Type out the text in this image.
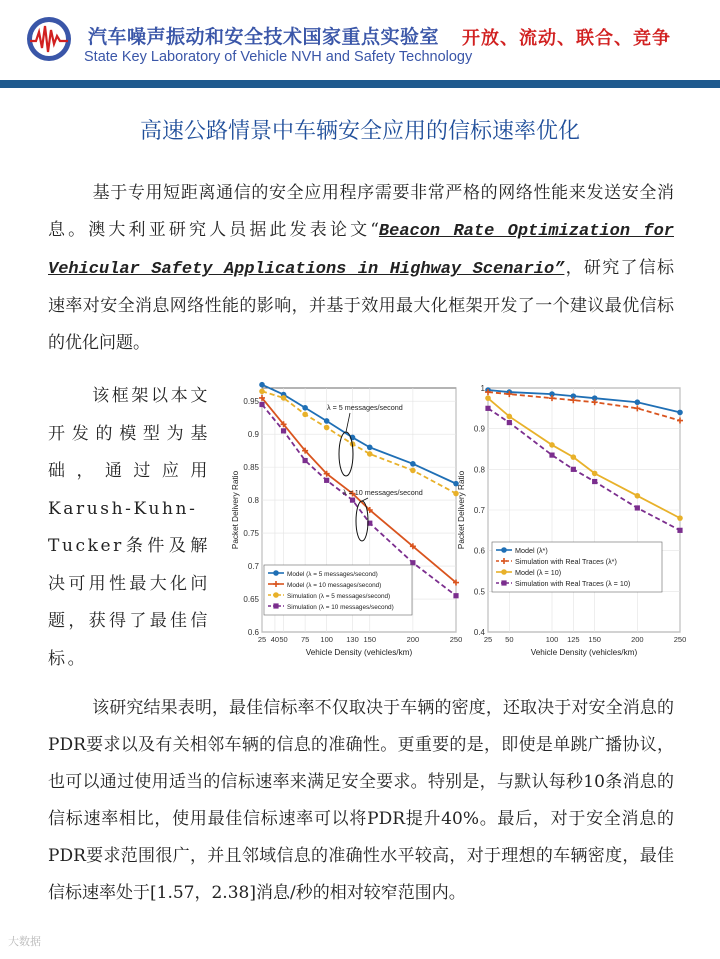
汽车噪声振动和安全技术国家重点实验室
State Key Laboratory of Vehicle NVH and Safety Technology
开放、流动、联合、竞争
高速公路情景中车辆安全应用的信标速率优化
基于专用短距离通信的安全应用程序需要非常严格的网络性能来发送安全消息。澳大利亚研究人员据此发表论文“Beacon Rate Optimization for Vehicular Safety Applications in Highway Scenario”，研究了信标速率对安全消息网络性能的影响，并基于效用最大化框架开发了一个建议最优信标的优化问题。
该框架以本文开发的模型为基础，通过应用Karush-Kuhn-Tucker条件及解决可用性最大化问题，获得了最佳信标。
0.6
0.65
0.7
0.75
0.8
0.85
0.9
0.95
25 40 50 75 100 130 150	200	250
Vehicle Density (vehicles/km)
Packet Delivery Ratio
Model (λ = 5 messages/second)
Model (λ = 10 messages/second)
Simulation (λ = 5 messages/second)
Simulation (λ = 10 messages/second)
λ = 5 messages/second
λ = 10 messages/second
0.4
0.5
0.6
0.7
0.8
0.9
1
25 50	100 125 150	200	250
Vehicle Density (vehicles/km)
Packet Delivery Ratio
Model (λ*)
Simulation with Real Traces (λ*)
Model (λ = 10)
Simulation with Real Traces (λ = 10)
该研究结果表明，最佳信标率不仅取决于车辆的密度，还取决于对安全消息的PDR要求以及有关相邻车辆的信息的准确性。更重要的是，即使是单跳广播协议，也可以通过使用适当的信标速率来满足安全要求。特别是，与默认每秒10条消息的信标速率相比，使用最佳信标速率可以将PDR提升40%。最后，对于安全消息的PDR要求范围很广，并且邻域信息的准确性水平较高，对于理想的车辆密度，最佳信标速率处于[1.57，2.38]消息/秒的相对较窄范围内。
大数据
